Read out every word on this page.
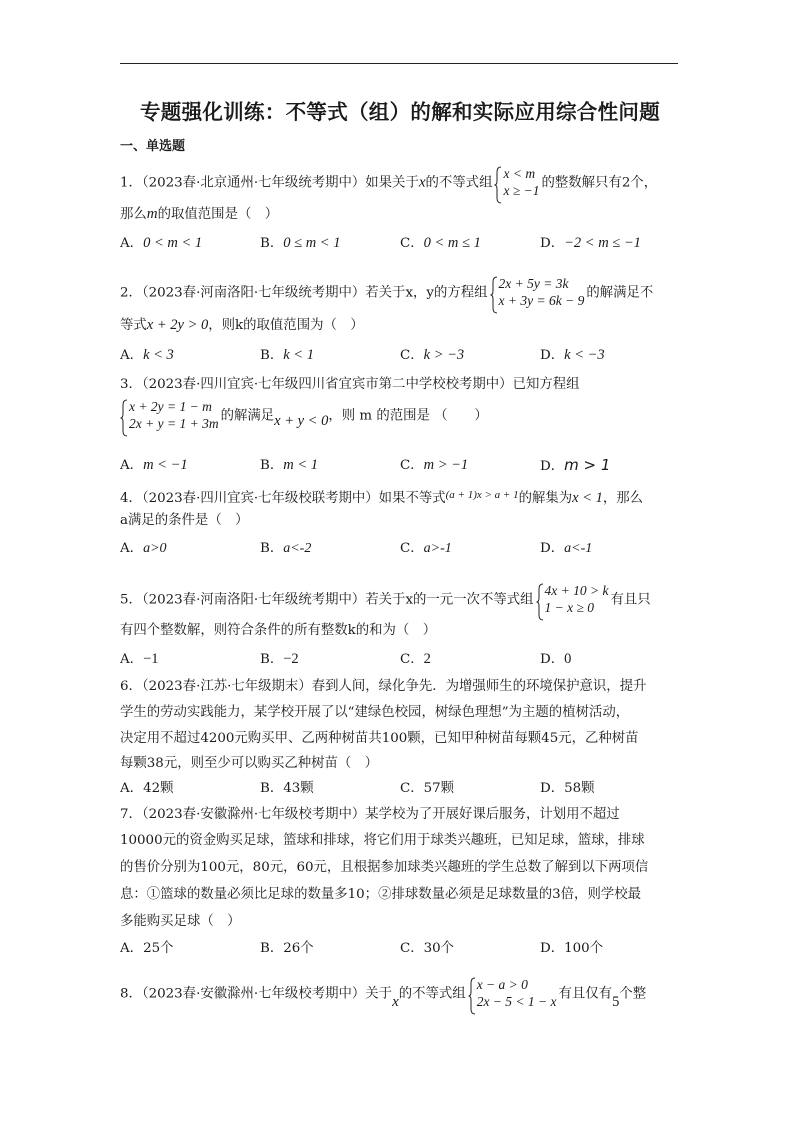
专题强化训练：不等式（组）的解和实际应用综合性问题
一、单选题
1．（2023春·北京通州·七年级统考期中）如果关于x的不等式组
x < m
x ≥ −1 的整数解只有2个，
那么m的取值范围是（　）
A．0 < m < 1	B．0 ≤ m < 1	C．0 < m ≤ 1	D．−2 < m ≤ −1
2．（2023春·河南洛阳·七年级统考期中）若关于x，y的方程组
2x + 5y = 3k
x + 3y = 6k − 9 的解满足不
等式x + 2y > 0，则k的取值范围为（　）
A．k < 3	B．k < 1	C．k > −3	D．k < −3
3．（2023春·四川宜宾·七年级四川省宜宾市第二中学校校考期中）已知方程组
x + 2y = 1 − m
2x + y = 1 + 3m 的解满足x + y < 0，则 m 的范围是 （　　）
A．m < −1	B．m < 1	C．m > −1	D．m > 1
4．（2023春·四川宜宾·七年级校联考期中）如果不等式$^{(a + 1)x > a + 1}$的解集为x < 1，那么
a满足的条件是（　）
A．a>0	B．a<-2	C．a>-1	D．a<-1
5．（2023春·河南洛阳·七年级统考期中）若关于x的一元一次不等式组
4x + 10 > k
1 − x ≥ 0 有且只
有四个整数解，则符合条件的所有整数k的和为（　）
A．−1	B．−2	C．2	D．0
6．（2023春·江苏·七年级期末）春到人间，绿化争先．为增强师生的环境保护意识，提升
学生的劳动实践能力，某学校开展了以“建绿色校园，树绿色理想”为主题的植树活动，
决定用不超过4200元购买甲、乙两种树苗共100颗，已知甲种树苗每颗45元，乙种树苗
每颗38元，则至少可以购买乙种树苗（　）
A．42颗	B．43颗	C．57颗	D．58颗
7．（2023春·安徽滁州·七年级校考期中）某学校为了开展好课后服务，计划用不超过
10000元的资金购买足球，篮球和排球，将它们用于球类兴趣班，已知足球，篮球，排球
的售价分别为100元，80元，60元，且根据参加球类兴趣班的学生总数了解到以下两项信
息：①篮球的数量必须比足球的数量多10；②排球数量必须是足球数量的3倍，则学校最
多能购买足球（　）
A．25个	B．26个	C．30个	D．100个
8．（2023春·安徽滁州·七年级校考期中）关于x的不等式组
x − a > 0
2x − 5 < 1 − x 有且仅有5个整
